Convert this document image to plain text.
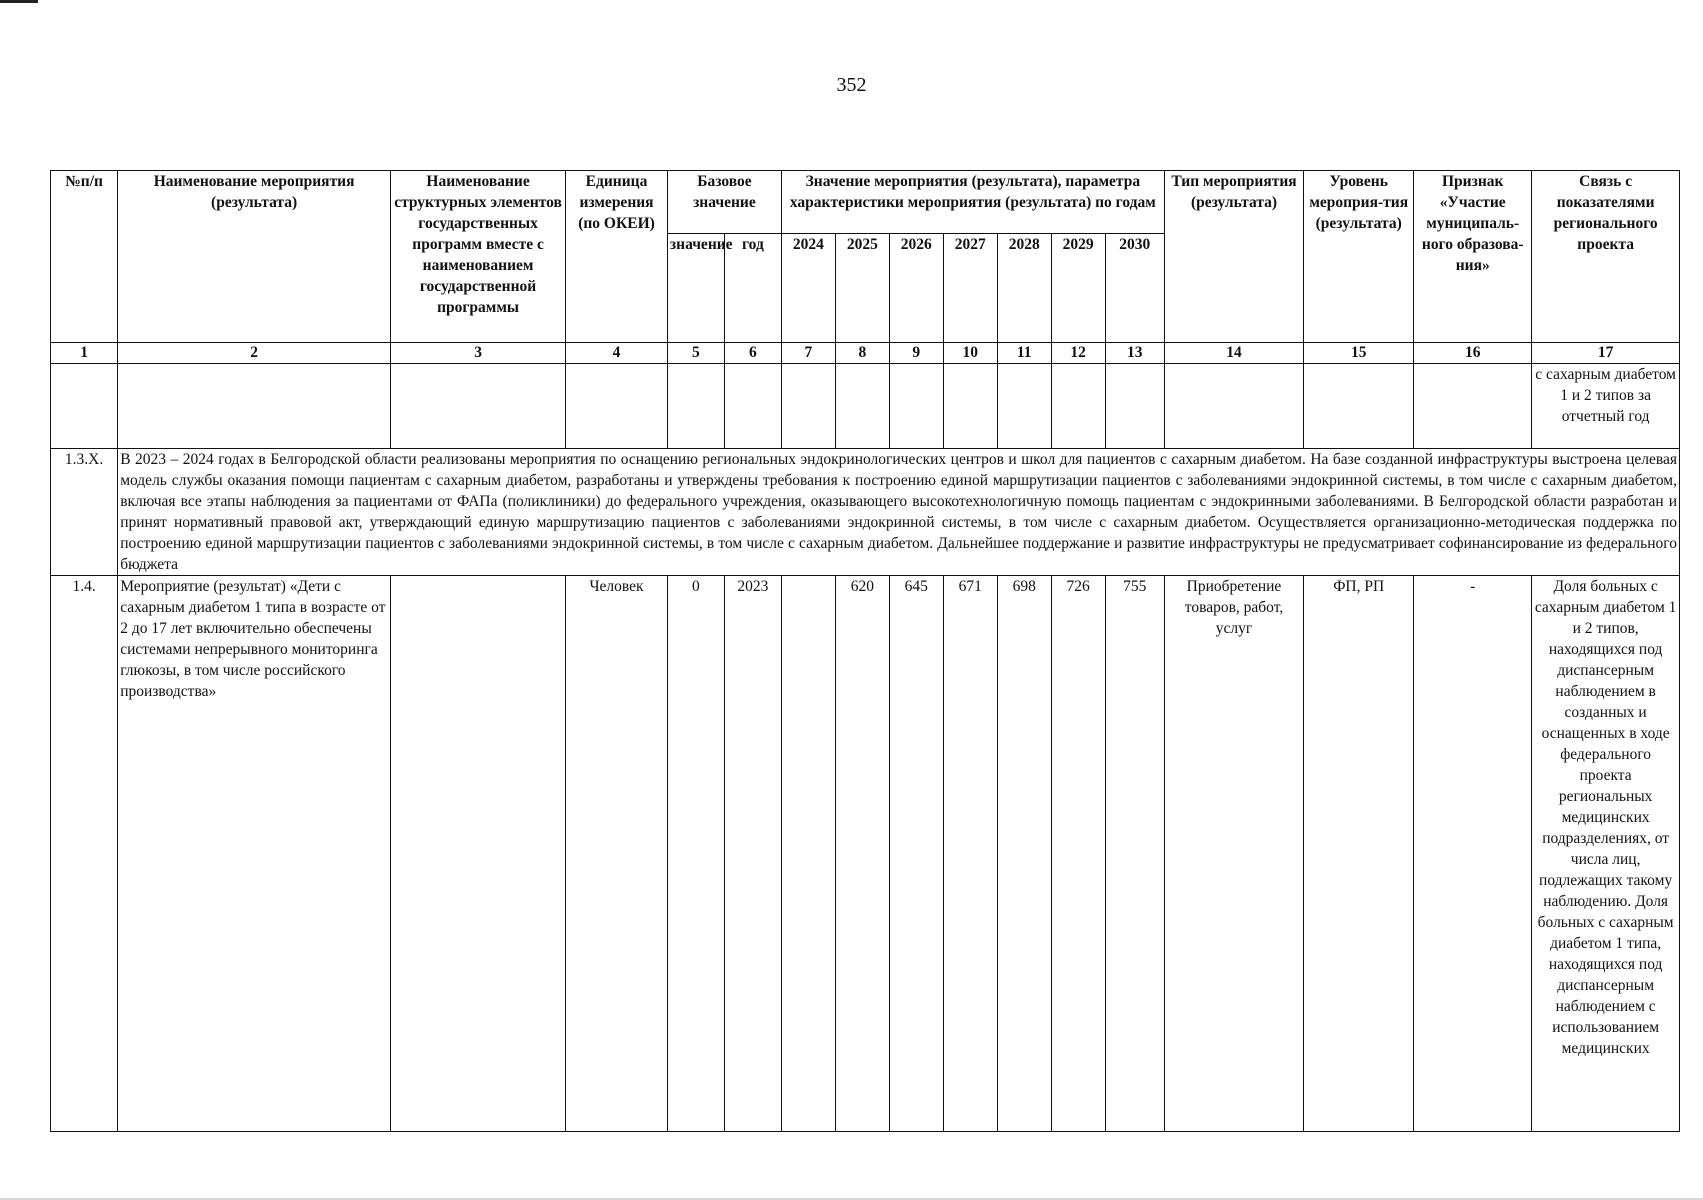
352
№п/п	Наименование мероприятия (результата)	Наименование структурных элементов государственных программ вместе с наименованием государственной программы	Единица измерения (по ОКЕИ)	Базовое значение		Значение мероприятия (результата), параметра характеристики мероприятия (результата) по годам							Тип мероприятия (результата)	Уровень мероприя-тия (результата)	Признак «Участие муниципаль-ного образова-ния»	Связь с показателями регионального проекта
				значение	год	2024	2025	2026	2027	2028	2029	2030				
1	2	3	4	5	6	7	8	9	10	11	12	13	14	15	16	17
																с сахарным диабетом 1 и 2 типов за отчетный год
1.3.Х.	В 2023 – 2024 годах в Белгородской области реализованы мероприятия по оснащению региональных эндокринологических центров и школ для пациентов с сахарным диабетом. На базе созданной инфраструктуры выстроена целевая модель службы оказания помощи пациентам с сахарным диабетом, разработаны и утверждены требования к построению единой маршрутизации пациентов с заболеваниями эндокринной системы, в том числе с сахарным диабетом, включая все этапы наблюдения за пациентами от ФАПа (поликлиники) до федерального учреждения, оказывающего высокотехнологичную помощь пациентам с эндокринными заболеваниями. В Белгородской области разработан и принят нормативный правовой акт, утверждающий единую маршрутизацию пациентов с заболеваниями эндокринной системы, в том числе с сахарным диабетом. Осуществляется организационно-методическая поддержка по построению единой маршрутизации пациентов с заболеваниями эндокринной системы, в том числе с сахарным диабетом. Дальнейшее поддержание и развитие инфраструктуры не предусматривает софинансирование из федерального бюджета															
1.4.	Мероприятие (результат) «Дети с сахарным диабетом 1 типа в возрасте от 2 до 17 лет включительно обеспечены системами непрерывного мониторинга глюкозы, в том числе российского производства»		Человек	0	2023		620	645	671	698	726	755	Приобретение товаров, работ, услуг	ФП, РП	-	Доля больных с сахарным диабетом 1 и 2 типов, находящихся под диспансерным наблюдением в созданных и оснащенных в ходе федерального проекта региональных медицинских подразделениях, от числа лиц, подлежащих такому наблюдению. Доля больных с сахарным диабетом 1 типа, находящихся под диспансерным наблюдением с использованием медицинских
